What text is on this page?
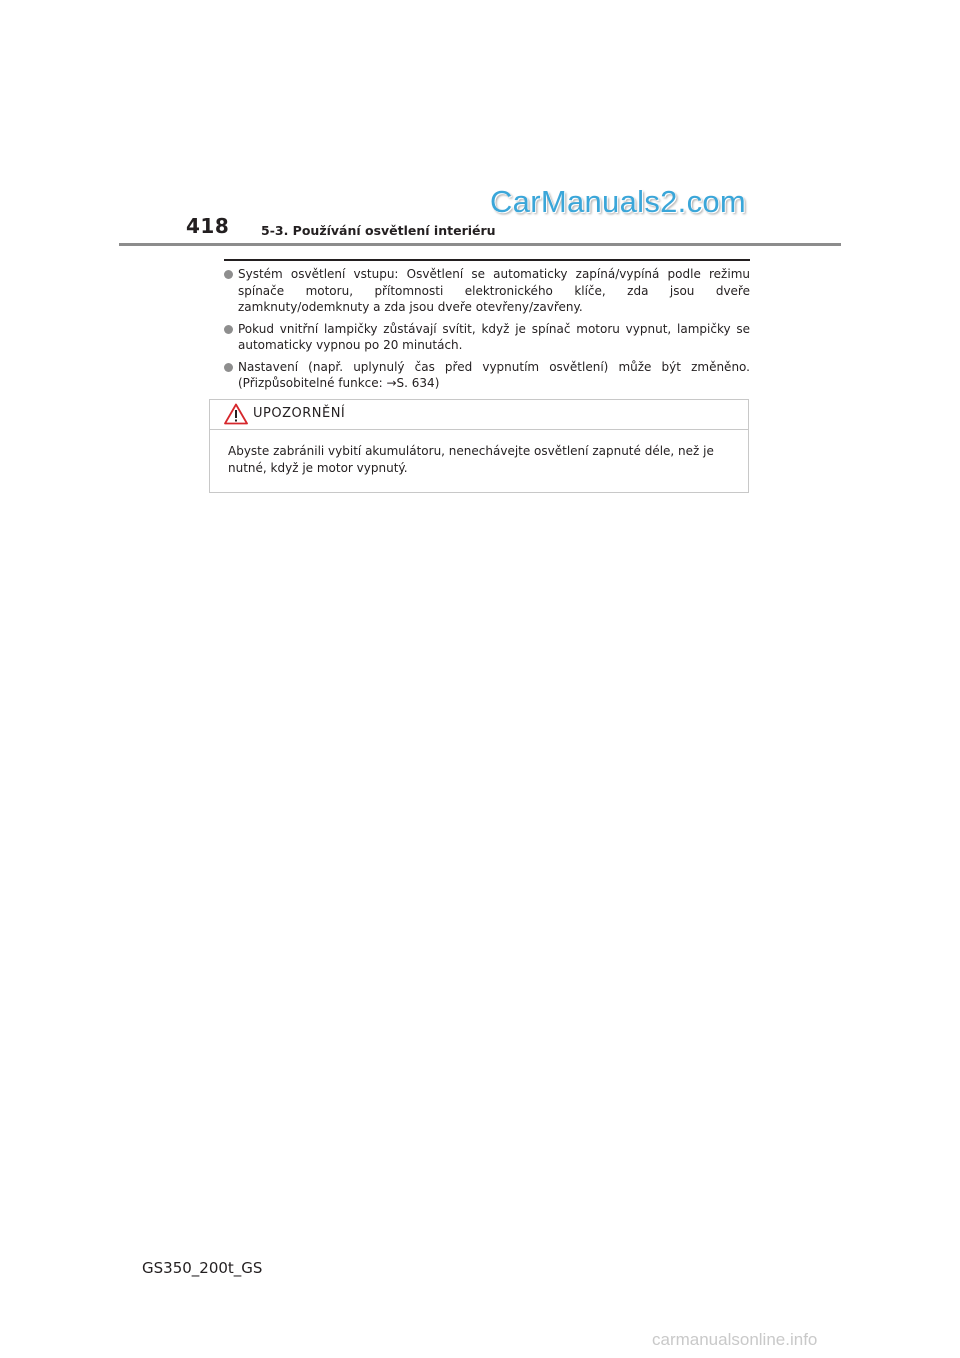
418	5-3. Používání osvětlení interiéru
CarManuals2.com
Systém osvětlení vstupu: Osvětlení se automaticky zapíná/vypíná podle režimu spínače motoru, přítomnosti elektronického klíče, zda jsou dveře zamknuty/odemknuty a zda jsou dveře otevřeny/zavřeny.
Pokud vnitřní lampičky zůstávají svítit, když je spínač motoru vypnut, lampičky se automaticky vypnou po 20 minutách.
Nastavení (např. uplynulý čas před vypnutím osvětlení) může být změněno. (Přizpůsobitelné funkce: →S. 634)
UPOZORNĚNÍ
Abyste zabránili vybití akumulátoru, nenechávejte osvětlení zapnuté déle, než je nutné, když je motor vypnutý.
GS350_200t_GS
carmanualsonline.info
